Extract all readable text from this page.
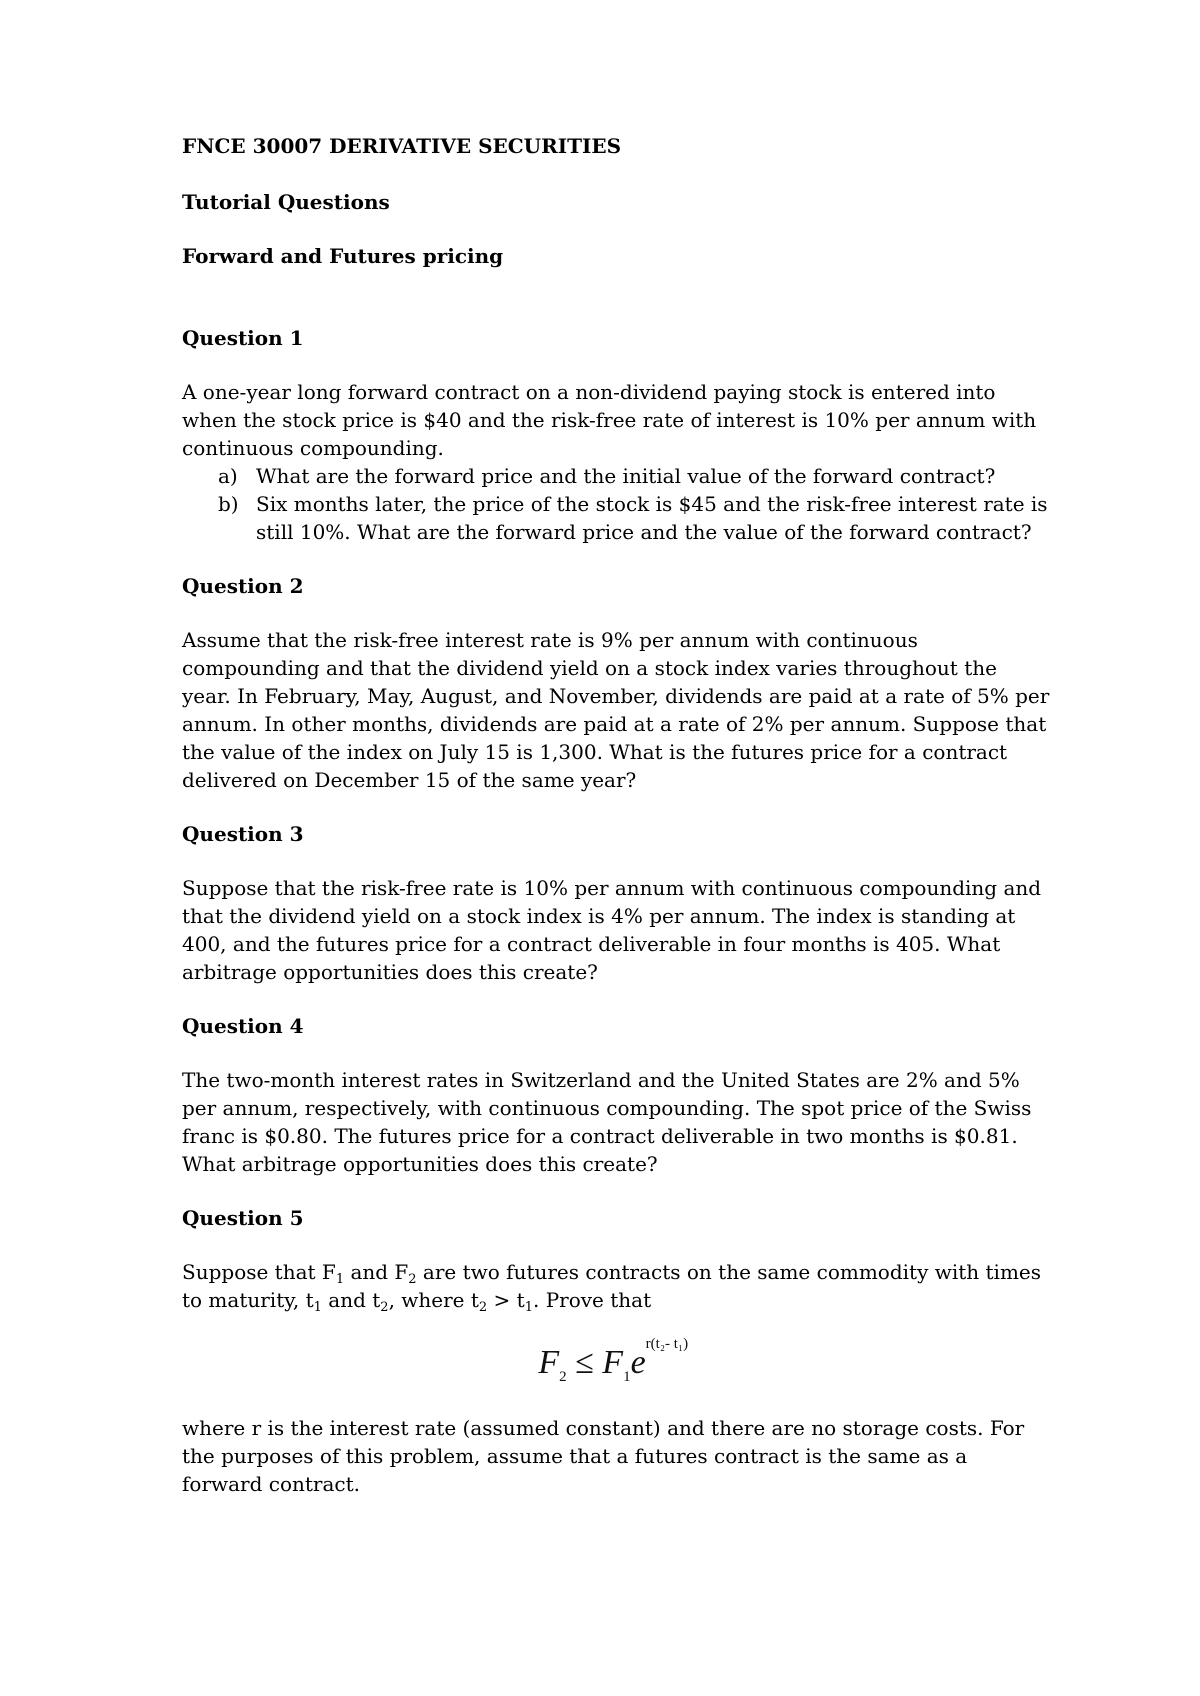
FNCE 30007 DERIVATIVE SECURITIES

Tutorial Questions

Forward and Futures pricing

Question 1

A one-year long forward contract on a non-dividend paying stock is entered into when the stock price is $40 and the risk-free rate of interest is 10% per annum with continuous compounding.

a) What are the forward price and the initial value of the forward contract?
b) Six months later, the price of the stock is $45 and the risk-free interest rate is still 10%. What are the forward price and the value of the forward contract?

Question 2

Assume that the risk-free interest rate is 9% per annum with continuous compounding and that the dividend yield on a stock index varies throughout the year. In February, May, August, and November, dividends are paid at a rate of 5% per annum. In other months, dividends are paid at a rate of 2% per annum. Suppose that the value of the index on July 15 is 1,300. What is the futures price for a contract delivered on December 15 of the same year?

Question 3

Suppose that the risk-free rate is 10% per annum with continuous compounding and that the dividend yield on a stock index is 4% per annum. The index is standing at 400, and the futures price for a contract deliverable in four months is 405. What arbitrage opportunities does this create?

Question 4

The two-month interest rates in Switzerland and the United States are 2% and 5% per annum, respectively, with continuous compounding. The spot price of the Swiss franc is $0.80. The futures price for a contract deliverable in two months is $0.81. What arbitrage opportunities does this create?

Question 5

Suppose that $F_1$ and $F_2$ are two futures contracts on the same commodity with times to maturity, $t_1$ and $t_2$, where $t_2 > t_1$. Prove that

$F_2 \le F_1e$ r(t₂- t₁)

where r is the interest rate (assumed constant) and there are no storage costs. For the purposes of this problem, assume that a futures contract is the same as a forward contract.
